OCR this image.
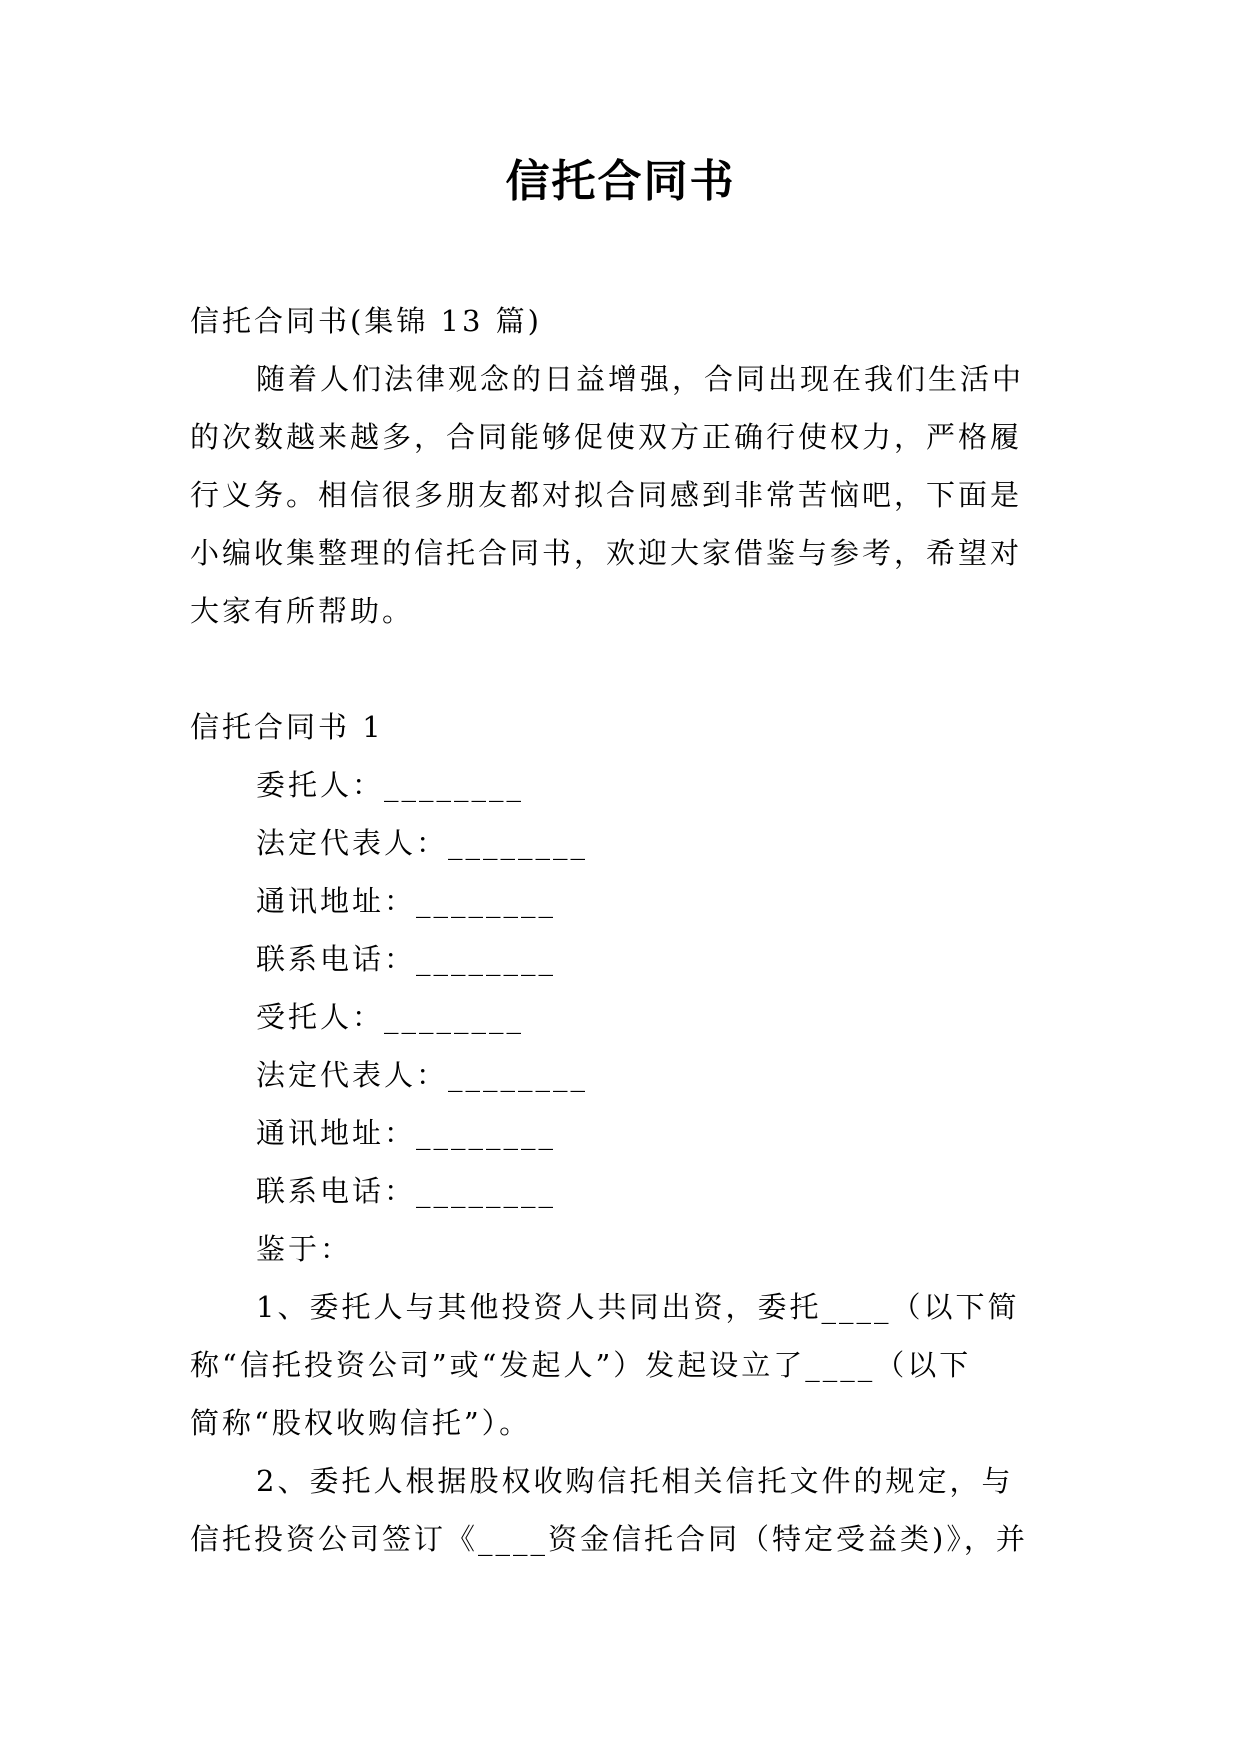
信托合同书

信托合同书(集锦 13 篇)

随着人们法律观念的日益增强，合同出现在我们生活中

的次数越来越多，合同能够促使双方正确行使权力，严格履

行义务。相信很多朋友都对拟合同感到非常苦恼吧，下面是

小编收集整理的信托合同书，欢迎大家借鉴与参考，希望对

大家有所帮助。

信托合同书 1

委托人：________

法定代表人：________

通讯地址：________

联系电话：________

受托人：________

法定代表人：________

通讯地址：________

联系电话：________

鉴于：

1、委托人与其他投资人共同出资，委托____（以下简

称“信托投资公司”或“发起人”）发起设立了____（以下

简称“股权收购信托”）。

2、委托人根据股权收购信托相关信托文件的规定，与

信托投资公司签订《____资金信托合同（特定受益类)》，并
